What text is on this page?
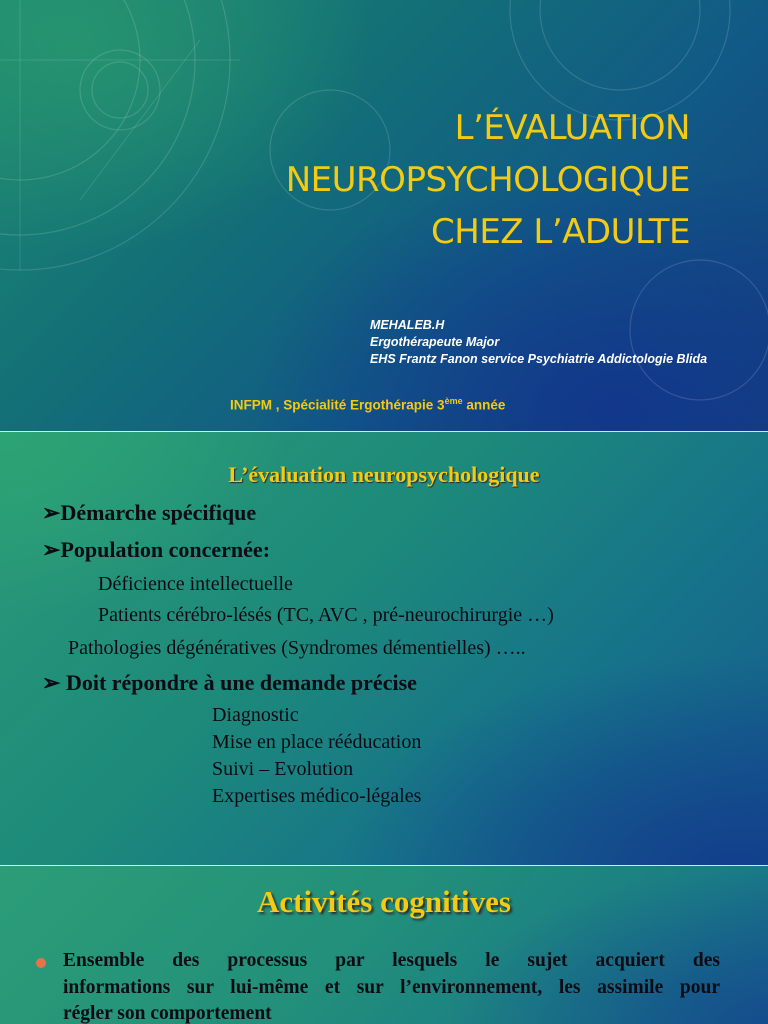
L’ÉVALUATION
NEUROPSYCHOLOGIQUE
CHEZ L’ADULTE
MEHALEB.H
Ergothérapeute Major
EHS Frantz Fanon service Psychiatrie Addictologie Blida
INFPM , Spécialité Ergothérapie 3ème année
L’évaluation neuropsychologique
➢Démarche spécifique
➢Population concernée:
Déficience intellectuelle
Patients cérébro-lésés (TC, AVC , pré-neurochirurgie …)
Pathologies dégénératives (Syndromes démentielles) …..
➢ Doit répondre à une demande précise
Diagnostic
Mise en place rééducation
Suivi – Evolution
Expertises médico-légales
Activités cognitives
Ensemble des processus par lesquels le sujet acquiert des
informations sur lui-même et sur l’environnement, les assimile pour
régler son comportement
